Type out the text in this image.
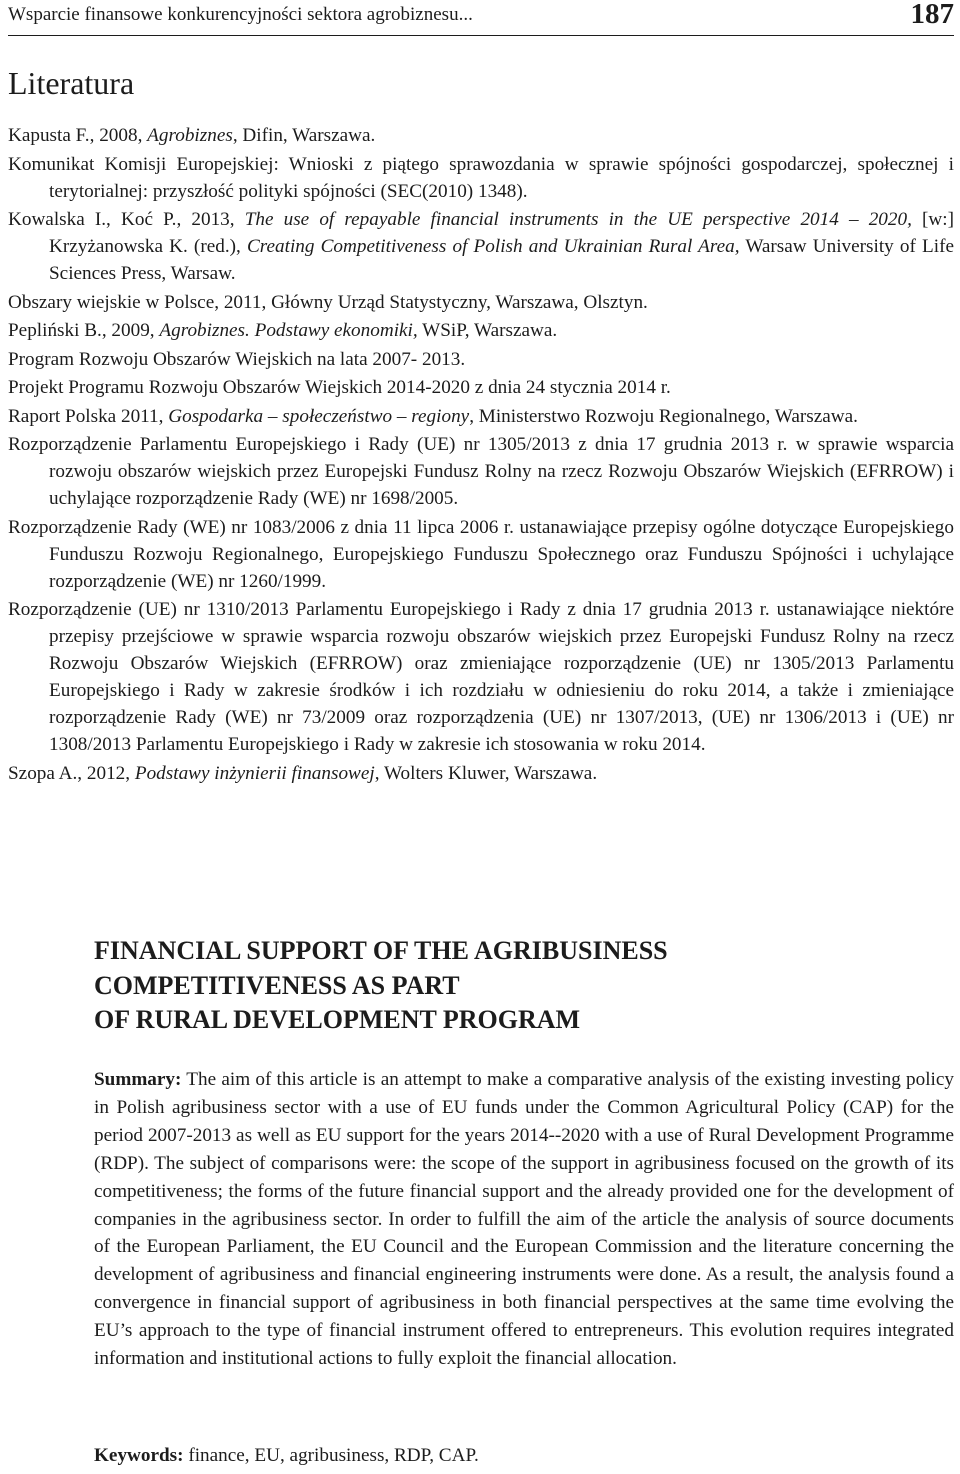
Wsparcie finansowe konkurencyjności sektora agrobiznesu...	187
Literatura

Kapusta F., 2008, Agrobiznes, Difin, Warszawa.

Komunikat Komisji Europejskiej: Wnioski z piątego sprawozdania w sprawie spójności gospodarczej, społecznej i terytorialnej: przyszłość polityki spójności (SEC(2010) 1348).

Kowalska I., Koć P., 2013, The use of repayable financial instruments in the UE perspective 2014 – 2020, [w:] Krzyżanowska K. (red.), Creating Competitiveness of Polish and Ukrainian Rural Area, Warsaw University of Life Sciences Press, Warsaw.

Obszary wiejskie w Polsce, 2011, Główny Urząd Statystyczny, Warszawa, Olsztyn.

Pepliński B., 2009, Agrobiznes. Podstawy ekonomiki, WSiP, Warszawa.

Program Rozwoju Obszarów Wiejskich na lata 2007- 2013.

Projekt Programu Rozwoju Obszarów Wiejskich 2014-2020 z dnia 24 stycznia 2014 r.

Raport Polska 2011, Gospodarka – społeczeństwo – regiony, Ministerstwo Rozwoju Regionalnego, Warszawa.

Rozporządzenie Parlamentu Europejskiego i Rady (UE) nr 1305/2013 z dnia 17 grudnia 2013 r. w sprawie wsparcia rozwoju obszarów wiejskich przez Europejski Fundusz Rolny na rzecz Rozwoju Obszarów Wiejskich (EFRROW) i uchylające rozporządzenie Rady (WE) nr 1698/2005.

Rozporządzenie Rady (WE) nr 1083/2006 z dnia 11 lipca 2006 r. ustanawiające przepisy ogólne dotyczące Europejskiego Funduszu Rozwoju Regionalnego, Europejskiego Funduszu Społecznego oraz Funduszu Spójności i uchylające rozporządzenie (WE) nr 1260/1999.

Rozporządzenie (UE) nr 1310/2013 Parlamentu Europejskiego i Rady z dnia 17 grudnia 2013 r. ustanawiające niektóre przepisy przejściowe w sprawie wsparcia rozwoju obszarów wiejskich przez Europejski Fundusz Rolny na rzecz Rozwoju Obszarów Wiejskich (EFRROW) oraz zmieniające rozporządzenie (UE) nr 1305/2013 Parlamentu Europejskiego i Rady w zakresie środków i ich rozdziału w odniesieniu do roku 2014, a także i zmieniające rozporządzenie Rady (WE) nr 73/2009 oraz rozporządzenia (UE) nr 1307/2013, (UE) nr 1306/2013 i (UE) nr 1308/2013 Parlamentu Europejskiego i Rady w zakresie ich stosowania w roku 2014.

Szopa A., 2012, Podstawy inżynierii finansowej, Wolters Kluwer, Warszawa.

FINANCIAL SUPPORT OF THE AGRIBUSINESS
COMPETITIVENESS AS PART
OF RURAL DEVELOPMENT PROGRAM

Summary: The aim of this article is an attempt to make a comparative analysis of the existing investing policy in Polish agribusiness sector with a use of EU funds under the Common Agricultural Policy (CAP) for the period 2007-2013 as well as EU support for the years 2014--2020 with a use of Rural Development Programme (RDP). The subject of comparisons were: the scope of the support in agribusiness focused on the growth of its competitiveness; the forms of the future financial support and the already provided one for the development of companies in the agribusiness sector. In order to fulfill the aim of the article the analysis of source documents of the European Parliament, the EU Council and the European Commission and the literature concerning the development of agribusiness and financial engineering instruments were done. As a result, the analysis found a convergence in financial support of agribusiness in both financial perspectives at the same time evolving the EU’s approach to the type of financial instrument offered to entrepreneurs. This evolution requires integrated information and institutional actions to fully exploit the financial allocation.

Keywords: finance, EU, agribusiness, RDP, CAP.
